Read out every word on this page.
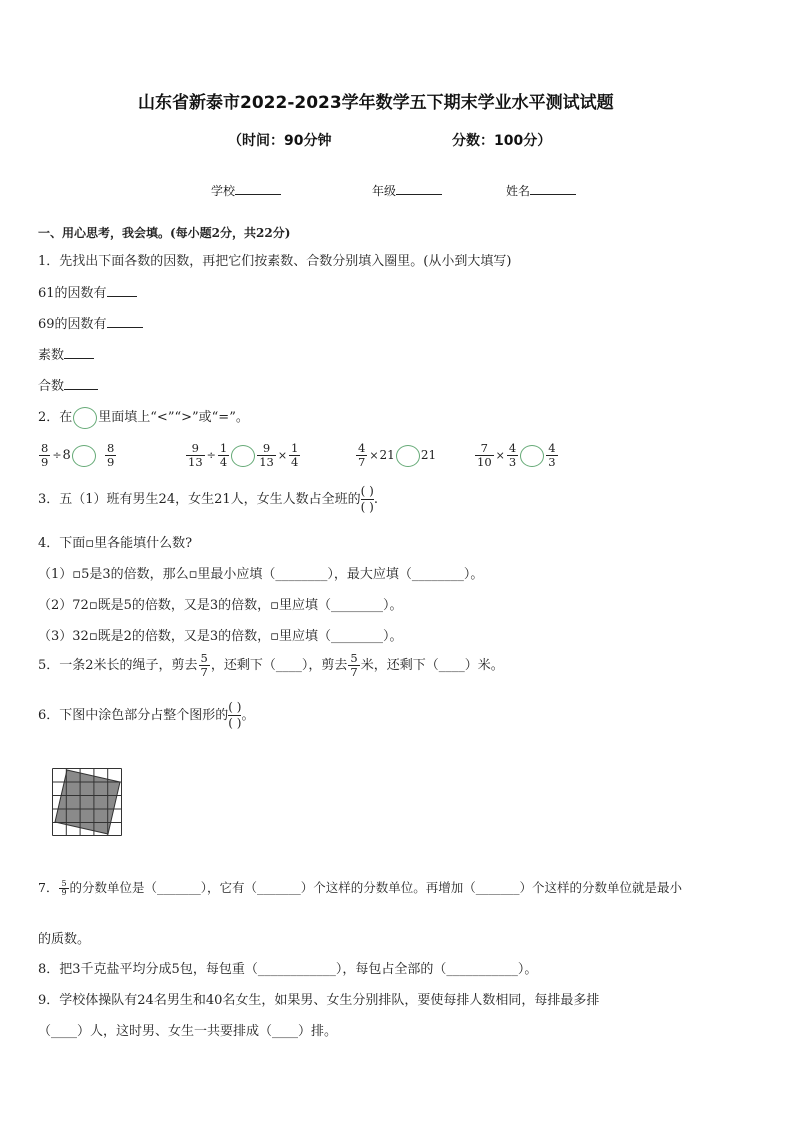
山东省新泰市2022-2023学年数学五下期末学业水平测试试题
（时间：90分钟	分数：100分）
学校	年级	姓名
一、用心思考，我会填。(每小题2分，共22分)
1．先找出下面各数的因数，再把它们按素数、合数分别填入圈里。(从小到大填写)
61的因数有
69的因数有
素数
合数
2．在 里面填上“<”“>”或“=”。
$\frac{8}{9} \div 8$	$\frac{8}{9}$	$\frac{9}{13} \div \frac{1}{4} \frac{9}{13} \times \frac{1}{4}$	$\frac{4}{7} \times 21$ 21	$\frac{7}{10} \times \frac{4}{3} \frac{4}{3}$
3．五（1）班有男生24，女生21人，女生人数占全班的
( )
( ) .
4．下面▫里各能填什么数?
（1）▫5是3的倍数，那么▫里最小应填（________），最大应填（________）。
（2）72▫既是5的倍数，又是3的倍数，▫里应填（________）。
（3）32▫既是2的倍数，又是3的倍数，▫里应填（________）。
5．一条2米长的绳子，剪去 $\frac{5}{7}$ ，还剩下（____），剪去 $\frac{5}{7}$ 米，还剩下（____）米。
6．下图中涂色部分占整个图形的
( )
( ) 。
7． $\frac{5}{9}$ 的分数单位是（_______），它有（_______）个这样的分数单位。再增加（_______）个这样的分数单位就是最小
的质数。
8．把3千克盐平均分成5包，每包重（____________），每包占全部的（___________）。
9．学校体操队有24名男生和40名女生，如果男、女生分别排队，要使每排人数相同，每排最多排
（____）人，这时男、女生一共要排成（____）排。
